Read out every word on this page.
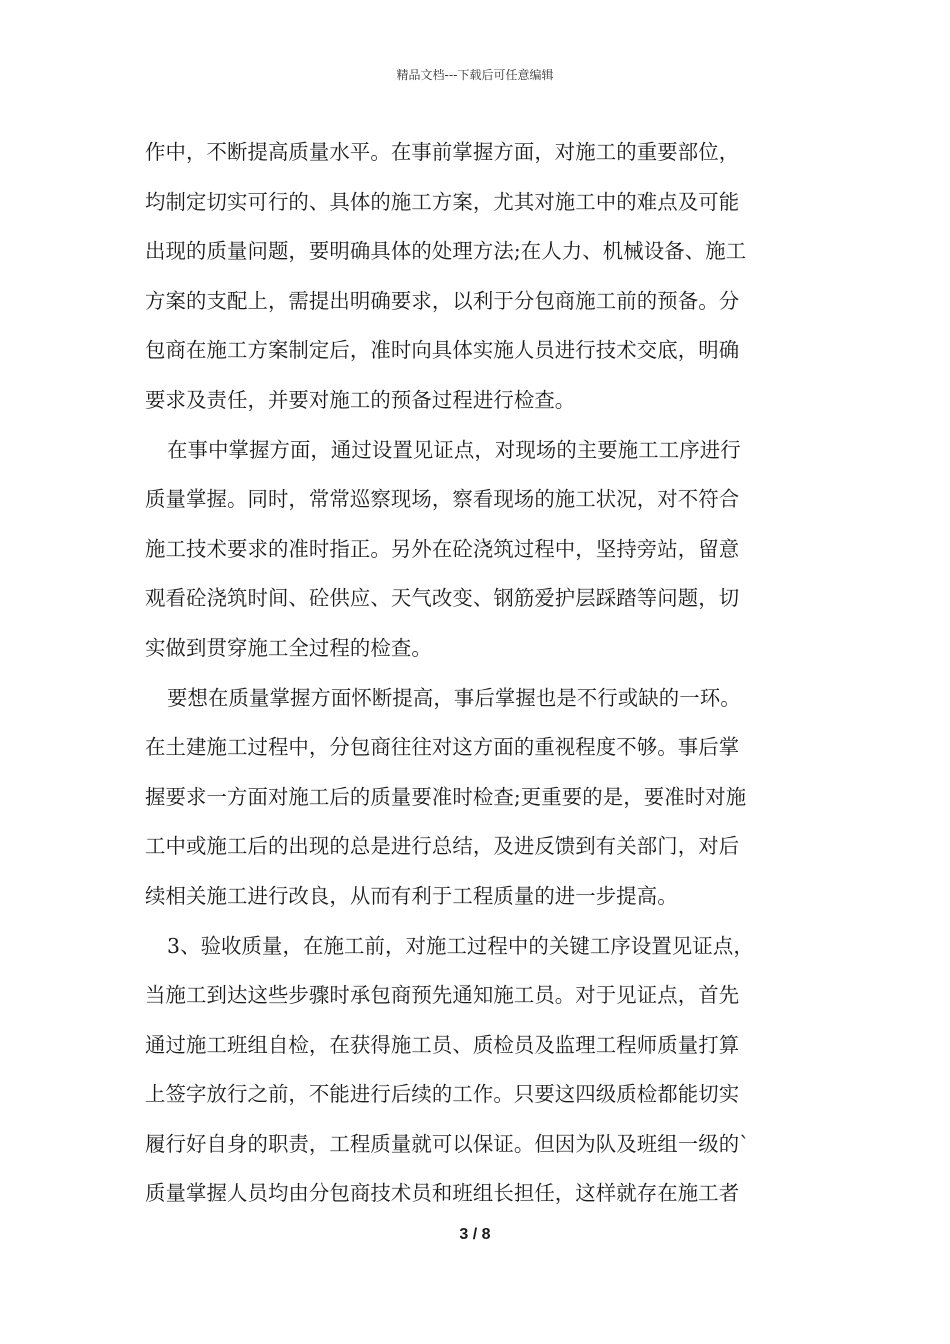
精品文档---下载后可任意编辑
作中，不断提高质量水平。在事前掌握方面，对施工的重要部位，
均制定切实可行的、具体的施工方案，尤其对施工中的难点及可能
出现的质量问题，要明确具体的处理方法;在人力、机械设备、施工
方案的支配上，需提出明确要求，以利于分包商施工前的预备。分
包商在施工方案制定后，准时向具体实施人员进行技术交底，明确
要求及责任，并要对施工的预备过程进行检查。
在事中掌握方面，通过设置见证点，对现场的主要施工工序进行
质量掌握。同时，常常巡察现场，察看现场的施工状况，对不符合
施工技术要求的准时指正。另外在砼浇筑过程中，坚持旁站，留意
观看砼浇筑时间、砼供应、天气改变、钢筋爱护层踩踏等问题，切
实做到贯穿施工全过程的检查。
要想在质量掌握方面怀断提高，事后掌握也是不行或缺的一环。
在土建施工过程中，分包商往往对这方面的重视程度不够。事后掌
握要求一方面对施工后的质量要准时检查;更重要的是，要准时对施
工中或施工后的出现的总是进行总结，及进反馈到有关部门，对后
续相关施工进行改良，从而有利于工程质量的进一步提高。
3、验收质量，在施工前，对施工过程中的关键工序设置见证点，
当施工到达这些步骤时承包商预先通知施工员。对于见证点，首先
通过施工班组自检，在获得施工员、质检员及监理工程师质量打算
上签字放行之前，不能进行后续的工作。只要这四级质检都能切实
履行好自身的职责，工程质量就可以保证。但因为队及班组一级的`
质量掌握人员均由分包商技术员和班组长担任，这样就存在施工者
3 / 8
